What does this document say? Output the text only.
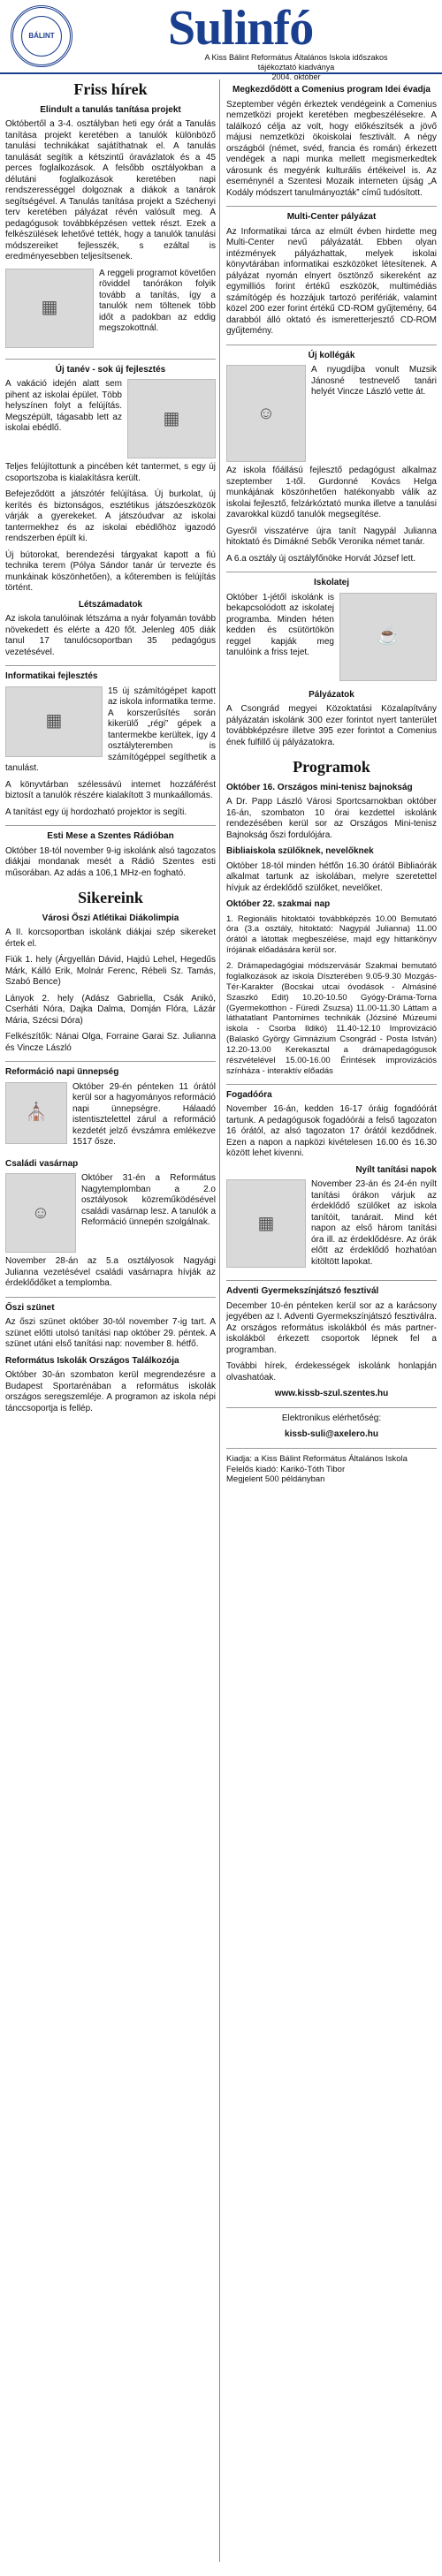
BÁLINT Sulinfó
A Kiss Bálint Református Általános Iskola időszakos
tájékoztató kiadványa
2004. október
Friss hírek
Elindult a tanulás tanítása projekt

Októbertől a 3-4. osztályban heti egy órát a Tanulás tanítása projekt keretében a tanulók különböző tanulási technikákat sajátíthatnak el. A tanulás tanulását segítik a kétszintű óravázlatok és a 45 perces foglalkozások. A felsőbb osztályokban a délutáni foglalkozások keretében napi rendszerességgel dolgoznak a diákok a tanárok segítségével. A Tanulás tanítása projekt a Széchenyi terv keretében pályázat révén valósult meg. A pedagógusok továbbképzésen vettek részt. Ezek a felkészülések lehetővé tették, hogy a tanulók tanulási módszereiket fejlesszék, s ezáltal is eredményesebben teljesítsenek.

▦

A reggeli programot követően röviddel tanórákon folyik tovább a tanítás, így a tanulók nem töltenek több időt a padokban az eddig megszokottnál.

Új tanév - sok új fejlesztés
▦

A vakáció idején alatt sem pihent az iskolai épület. Több helyszínen folyt a felújítás. Megszépült, tágasabb lett az iskolai ebédlő.

Teljes felújítottunk a pincében két tantermet, s egy új csoportszoba is kialakításra került.

Befejeződött a játszótér felújítása. Új burkolat, új kerítés és biztonságos, esztétikus játszóeszközök várják a gyerekeket. A játszóudvar az iskolai tantermekhez és az iskolai ebédlőhöz igazodó rendszerben épült ki.

Új bútorokat, berendezési tárgyakat kapott a fiú technika terem (Pólya Sándor tanár úr tervezte és munkáinak köszönhetően), a kőteremben is felújítás történt.

Létszámadatok

Az iskola tanulóinak létszáma a nyár folyamán tovább növekedett és elérte a 420 főt. Jelenleg 405 diák tanul 17 tanulócsoportban 35 pedagógus vezetésével.

Informatikai fejlesztés
▦

15 új számítógépet kapott az iskola informatika terme. A korszerűsítés során kikerülő „régi” gépek a tantermekbe kerültek, így 4 osztályteremben is számítógéppel segíthetik a tanulást.

A könyvtárban szélessávú internet hozzáférést biztosít a tanulók részére kialakított 3 munkaállomás.

A tanítást egy új hordozható projektor is segíti.

Esti Mese a Szentes Rádióban

Október 18-tól november 9-ig iskolánk alsó tagozatos diákjai mondanak mesét a Rádió Szentes esti műsorában. Az adás a 106,1 MHz-en fogható.

Sikereink
Városi Őszi Atlétikai Diákolimpia

A II. korcsoportban iskolánk diákjai szép sikereket értek el.

Fiúk 1. hely (Árgyellán Dávid, Hajdú Lehel, Hegedűs Márk, Kálló Erik, Molnár Ferenc, Rébeli Sz. Tamás, Szabó Bence)

Lányok 2. hely (Adász Gabriella, Csák Anikó, Cserháti Nóra, Dajka Dalma, Domján Flóra, Lázár Mária, Szécsi Dóra)

Felkészítők: Nánai Olga, Forraine Garai Sz. Julianna és Vincze László

Reformáció napi ünnepség
⛪

Október 29-én pénteken 11 órától kerül sor a hagyományos reformáció napi ünnepségre. Hálaadó istentisztelettel zárul a reformáció kezdetét jelző évszámra emlékezve 1517 ősze.

Családi vasárnap
☺

Október 31-én a Református Nagytemplomban a 2.o osztályosok közreműködésével családi vasárnap lesz. A tanulók a Reformáció ünnepén szolgálnak.

November 28-án az 5.a osztályosok Nagyági Julianna vezetésével családi vasárnapra hívják az érdeklődőket a templomba.

Őszi szünet

Az őszi szünet október 30-tól november 7-ig tart. A szünet előtti utolsó tanítási nap október 29. péntek. A szünet utáni első tanítási nap: november 8. hétfő.

Református Iskolák Országos Találkozója

Október 30-án szombaton kerül megrendezésre a Budapest Sportarénában a református iskolák országos seregszemléje. A programon az iskola népi tánccsoportja is fellép.

Megkezdődött a Comenius program Idei évadja

Szeptember végén érkeztek vendégeink a Comenius nemzetközi projekt keretében megbeszélésekre. A találkozó célja az volt, hogy előkészítsék a jövő májusi nemzetközi ökoiskolai fesztivált. A négy országból (német, svéd, francia és román) érkezett vendégek a napi munka mellett megismerkedtek városunk és megyénk kulturális értékeivel is. Az eseménynél a Szentesi Mozaik interneten újság „A Kodály módszert tanulmányozták” című tudósított.

Multi-Center pályázat

Az Informatikai tárca az elmúlt évben hirdette meg Multi-Center nevű pályázatát. Ebben olyan intézmények pályázhattak, melyek iskolai könyvtárában informatikai eszközöket létesítenek. A pályázat nyomán elnyert ösztönző sikereként az egymilliós forint értékű eszközök, multimédiás számítógép és hozzájuk tartozó perifériák, valamint közel 200 ezer forint értékű CD-ROM gyűjtemény, 64 darabból álló oktató és ismeretterjesztő CD-ROM gyűjtemény.

Új kollégák
☺

A nyugdíjba vonult Muzsik Jánosné testnevelő tanári helyét Vincze László vette át.

Az iskola főállású fejlesztő pedagógust alkalmaz szeptember 1-től. Gurdonné Kovács Helga munkájának köszönhetően hatékonyabb válik az iskolai fejlesztő, felzárkóztató munka illetve a tanulási zavarokkal küzdő tanulók megsegítése.

Gyesről visszatérve újra tanít Nagypál Julianna hitoktató és Dimákné Sebők Veronika német tanár.

A 6.a osztály új osztályfőnöke Horvát József lett.

Iskolatej
☕

Október 1-jétől iskolánk is bekapcsolódott az iskolatej programba. Minden héten kedden és csütörtökön reggel kapják meg tanulóink a friss tejet.

Pályázatok

A Csongrád megyei Közoktatási Közalapítvány pályázatán iskolánk 300 ezer forintot nyert tanterület továbbképzésre illetve 395 ezer forintot a Comenius ének fulfillő új pályázatokra.

Programok
Október 16. Országos mini-tenisz bajnokság

A Dr. Papp László Városi Sportcsarnokban október 16-án, szombaton 10 órai kezdettel iskolánk rendezésében kerül sor az Országos Mini-tenisz Bajnokság őszi fordulójára.

Bibliaiskola szülőknek, nevelőknek

Október 18-tól minden hétfőn 16.30 órától Bibliaórák alkalmat tartunk az iskolában, melyre szeretettel hívjuk az érdeklődő szülőket, nevelőket.

Október 22. szakmai nap

1. Regionális hitoktatói továbbképzés 10.00 Bemutató óra (3.a osztály, hitoktató: Nagypál Julianna) 11.00 órától a látottak megbeszélése, majd egy hittankönyv írójának előadására kerül sor.

2. Drámapedagógiai módszervásár Szakmai bemutató foglalkozások az iskola Díszterében 9.05-9.30 Mozgás-Tér-Karakter (Bocskai utcai óvodások - Almásiné Szaszkó Edit) 10.20-10.50 Gyógy-Dráma-Torna (Gyermekotthon - Füredi Zsuzsa) 11.00-11.30 Láttam a láthatatlant Pantomimes technikák (Józsiné Múzeumi iskola - Csorba Ildikó) 11.40-12.10 Improvizáció (Balaskó György Gimnázium Csongrád - Posta István) 12.20-13.00 Kerekasztal a drámapedagógusok részvételével 15.00-16.00 Érintések improvizációs színháza - interaktív előadás

Fogadóóra

November 16-án, kedden 16-17 óráig fogadóórát tartunk. A pedagógusok fogadóórái a felső tagozaton 16 órától, az alsó tagozaton 17 órától kezdődnek. Ezen a napon a napközi kivételesen 16.00 és 16.30 között lehet kivenni.

Nyílt tanítási napok
▦

November 23-án és 24-én nyílt tanítási órákon várjuk az érdeklődő szülőket az iskola tanítóit, tanárait. Mind két napon az első három tanítási óra ill. az érdeklődésre. Az órák előtt az érdeklődő hozhatóan kitöltött lapokat.

Adventi Gyermekszínjátszó fesztivál

December 10-én pénteken kerül sor az a karácsony jegyében az I. Adventi Gyermekszínjátszó fesztiválra. Az országos református iskolákból és más partner-iskolákból érkezett csoportok lépnek fel a programban.

További hírek, érdekességek iskolánk honlapján olvashatóak.

www.kissb-szul.szentes.hu

Elektronikus elérhetőség:

kissb-suli@axelero.hu

Kiadja: a Kiss Bálint Református Általános Iskola

Felelős kiadó: Karikó-Tóth Tibor

Megjelent 500 példányban
